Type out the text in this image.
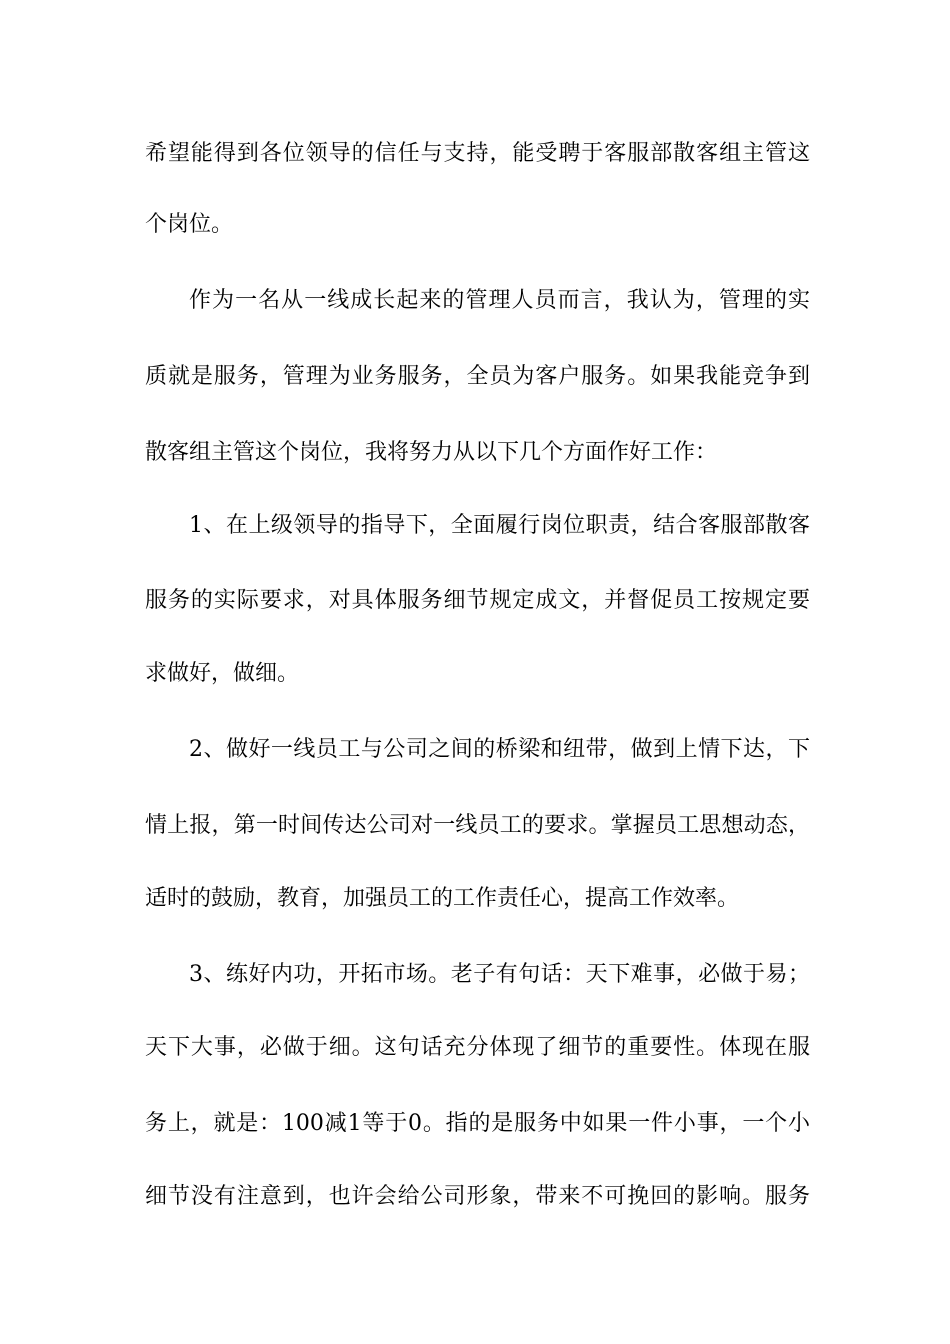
希望能得到各位领导的信任与支持，能受聘于客服部散客组主管这
个岗位。
作为一名从一线成长起来的管理人员而言，我认为，管理的实
质就是服务，管理为业务服务，全员为客户服务。如果我能竞争到
散客组主管这个岗位，我将努力从以下几个方面作好工作：
1、在上级领导的指导下，全面履行岗位职责，结合客服部散客
服务的实际要求，对具体服务细节规定成文，并督促员工按规定要
求做好，做细。
2、做好一线员工与公司之间的桥梁和纽带，做到上情下达，下
情上报，第一时间传达公司对一线员工的要求。掌握员工思想动态，
适时的鼓励，教育，加强员工的工作责任心，提高工作效率。
3、练好内功，开拓市场。老子有句话：天下难事，必做于易；
天下大事，必做于细。这句话充分体现了细节的重要性。体现在服
务上，就是：100减1等于0。指的是服务中如果一件小事，一个小
细节没有注意到，也许会给公司形象，带来不可挽回的影响。服务
